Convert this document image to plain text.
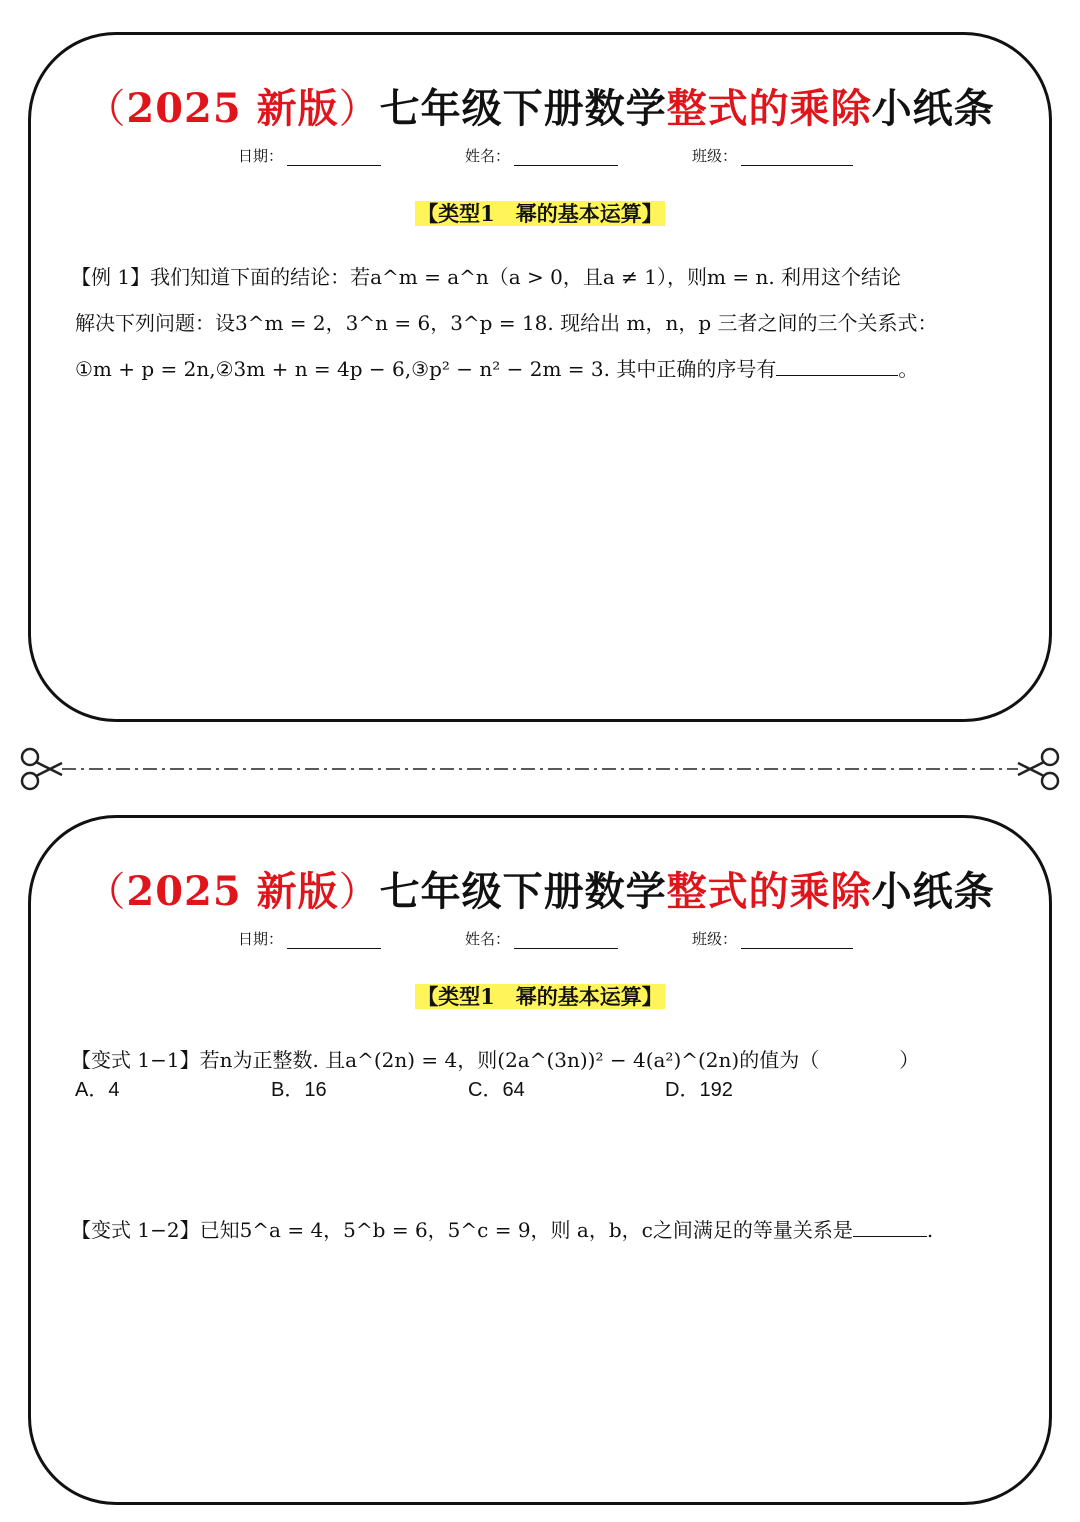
（2025 新版）七年级下册数学整式的乘除小纸条
日期：	姓名：	班级：
【类型1　幂的基本运算】
【例 1】我们知道下面的结论：若a^m = a^n（a > 0，且a ≠ 1），则m = n. 利用这个结论
解决下列问题：设3^m = 2，3^n = 6，3^p = 18. 现给出 m，n，p 三者之间的三个关系式：
①m + p = 2n,②3m + n = 4p − 6,③p² − n² − 2m = 3. 其中正确的序号有	。
（2025 新版）七年级下册数学整式的乘除小纸条
日期：	姓名：	班级：
【类型1　幂的基本运算】
【变式 1−1】若n为正整数. 且a^(2n) = 4，则(2a^(3n))² − 4(a²)^(2n)的值为（　　　　）
A．4	B．16	C．64	D．192
【变式 1−2】已知5^a = 4，5^b = 6，5^c = 9，则 a，b，c之间满足的等量关系是	.
